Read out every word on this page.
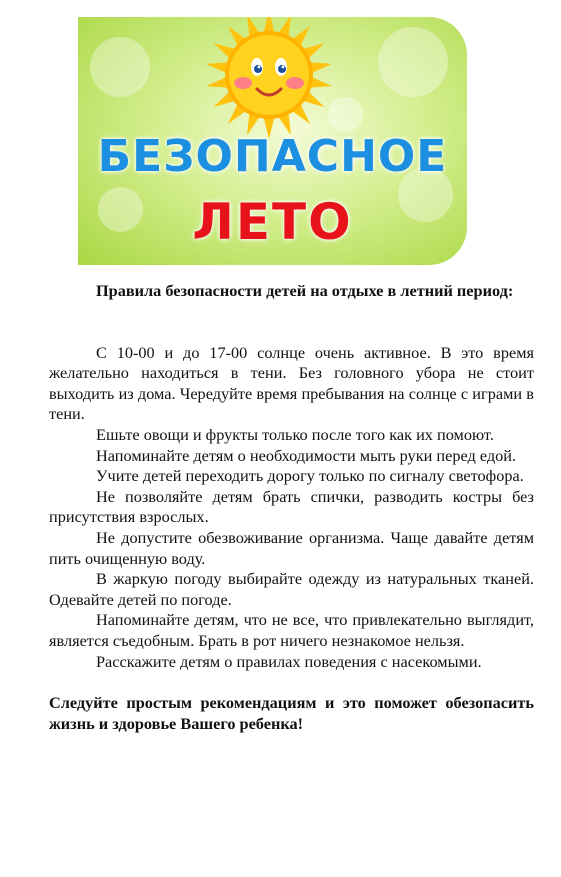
БЕЗОПАСНОЕ
ЛЕТО

Правила безопасности детей на отдыхе в летний период:

С 10-00 и до 17-00 солнце очень активное. В это время желательно находиться в тени. Без головного убора не стоит выходить из дома. Чередуйте время пребывания на солнце с играми в тени.

Ешьте овощи и фрукты только после того как их помоют.

Напоминайте детям о необходимости мыть руки перед едой.

Учите детей переходить дорогу только по сигналу светофора.

Не позволяйте детям брать спички, разводить костры без присутствия взрослых.

Не допустите обезвоживание организма. Чаще давайте детям пить очищенную воду.

В жаркую погоду выбирайте одежду из натуральных тканей. Одевайте детей по погоде.

Напоминайте детям, что не все, что привлекательно выглядит, является съедобным. Брать в рот ничего незнакомое нельзя.

Расскажите детям о правилах поведения с насекомыми.

Следуйте простым рекомендациям и это поможет обезопасить жизнь и здоровье Вашего ребенка!
